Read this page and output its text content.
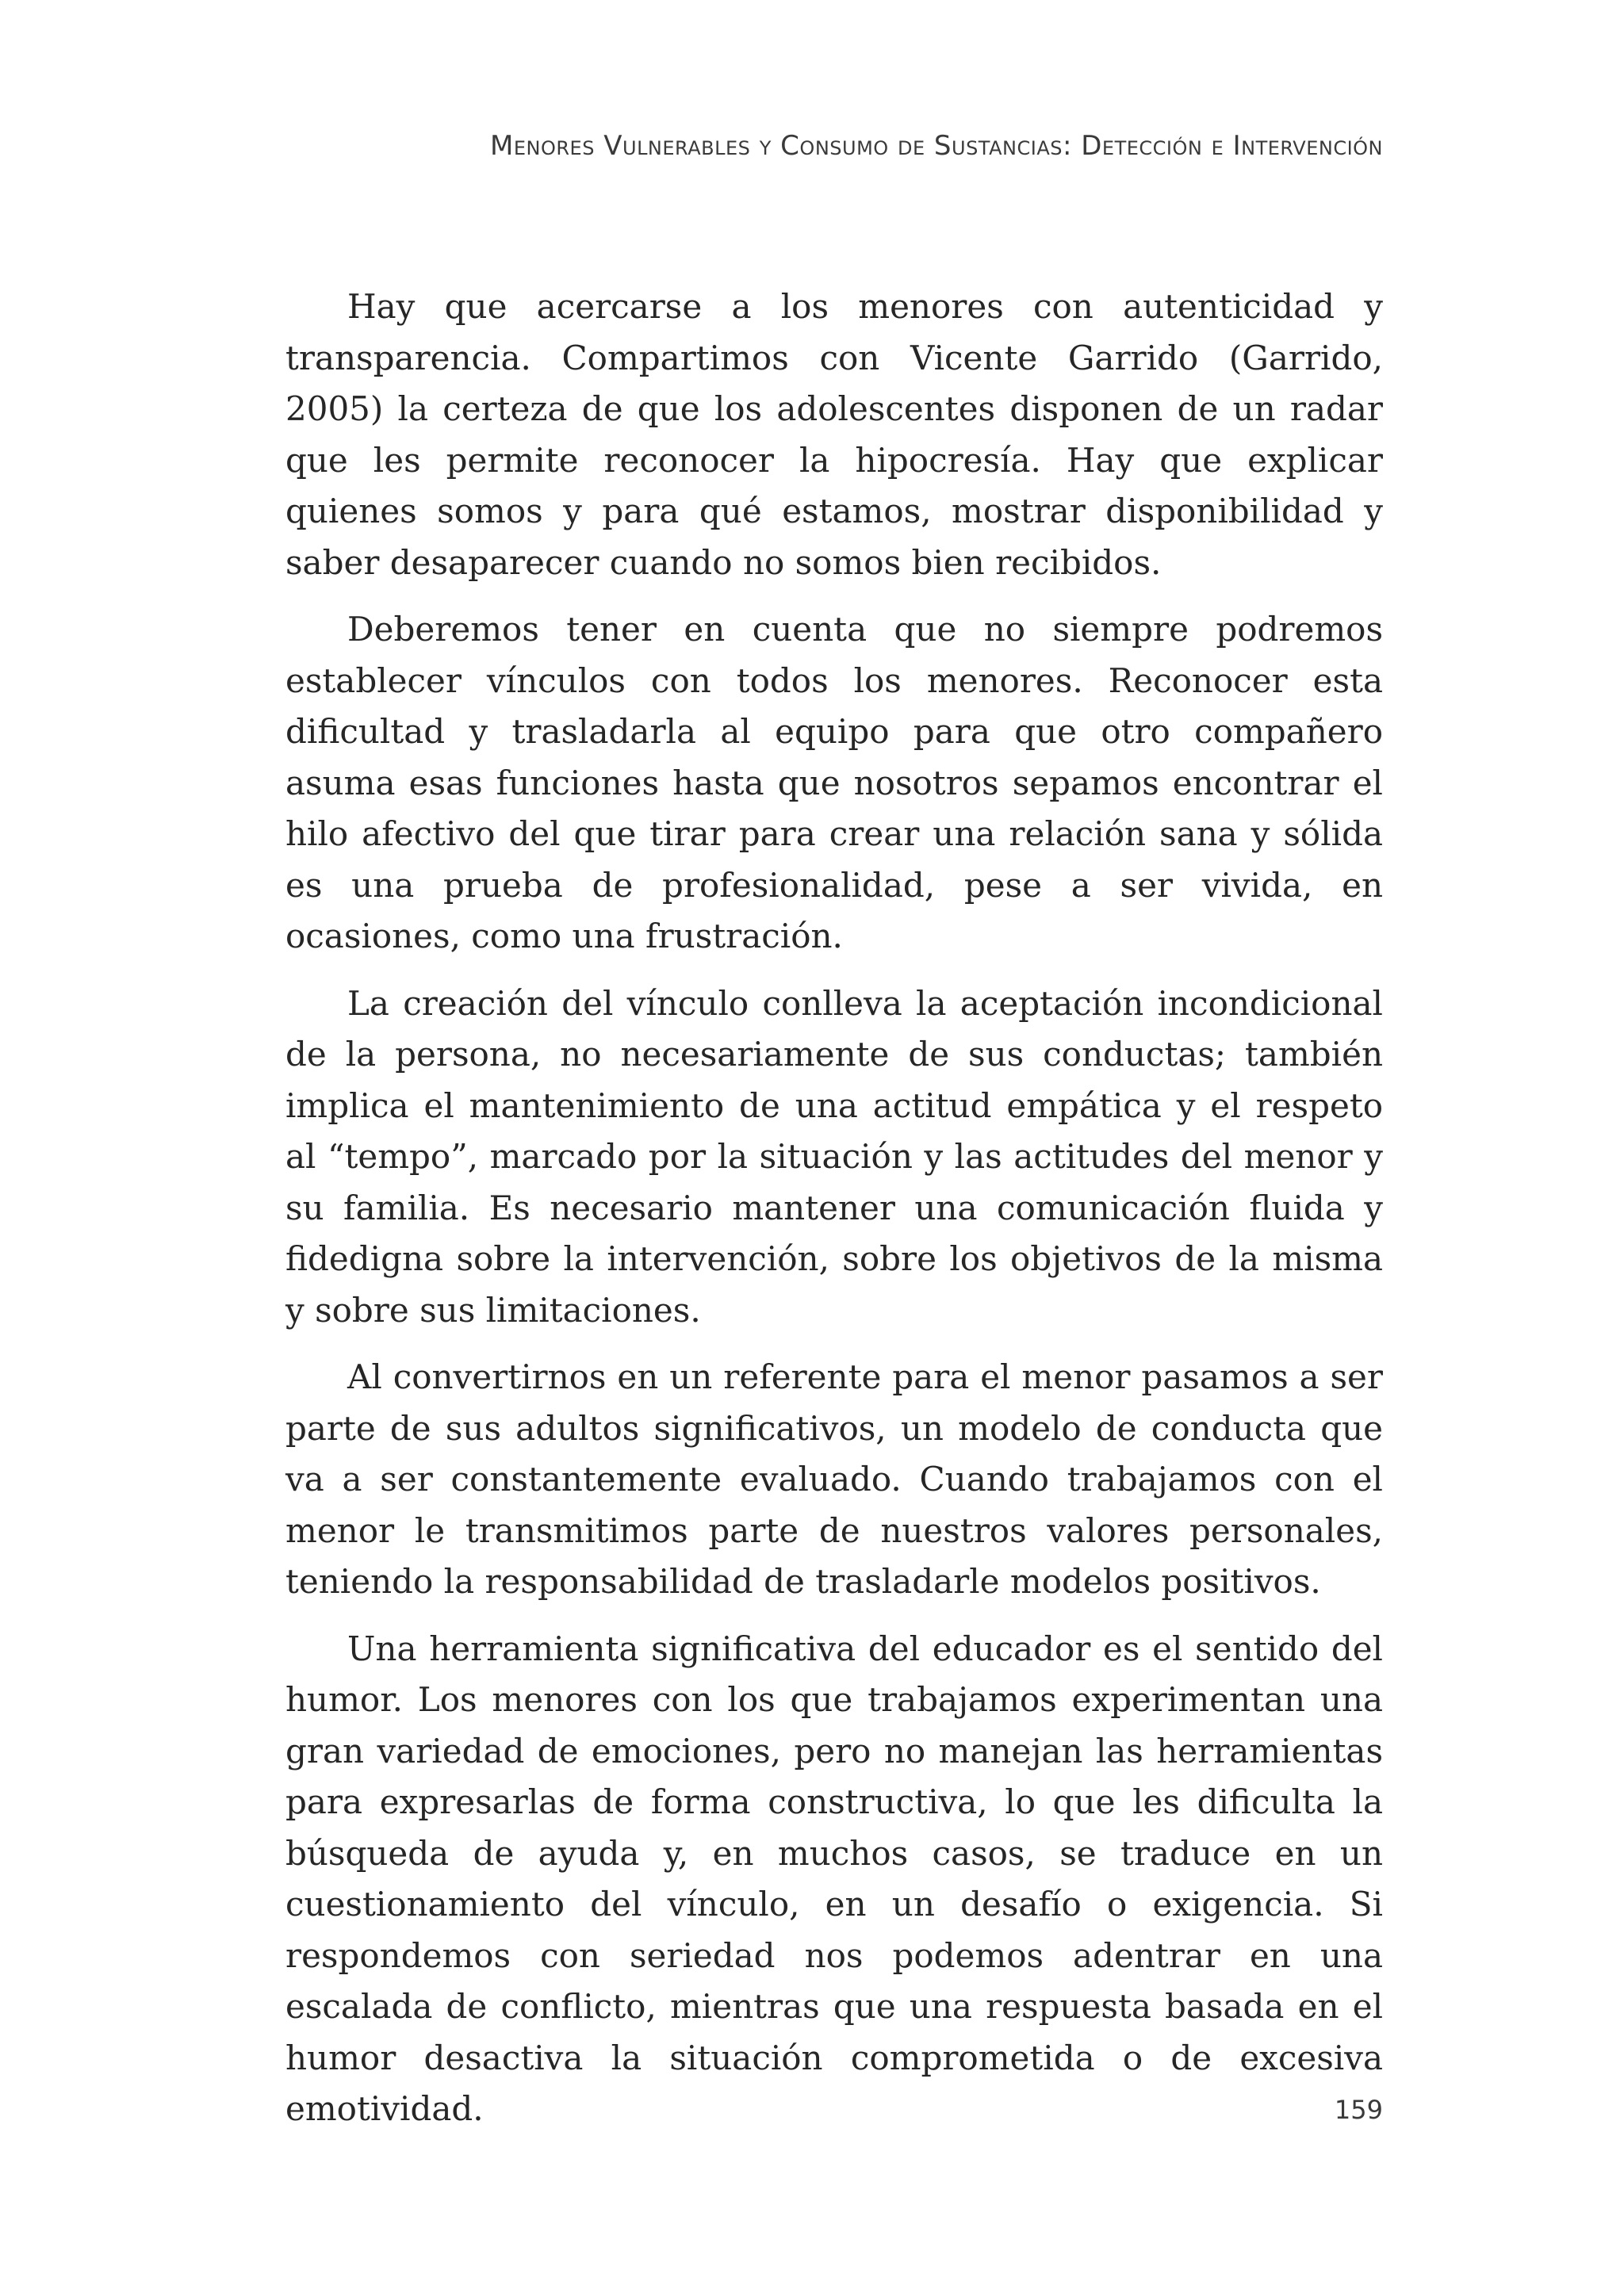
Menores Vulnerables y Consumo de Sustancias: Detección e Intervención

Hay que acercarse a los menores con autenticidad y transparencia. Compartimos con Vicente Garrido (Garrido, 2005) la certeza de que los adolescentes disponen de un radar que les permite reconocer la hipocresía. Hay que explicar quienes somos y para qué estamos, mostrar disponibilidad y saber desaparecer cuando no somos bien recibidos.

Deberemos tener en cuenta que no siempre podremos establecer vínculos con todos los menores. Reconocer esta dificultad y trasladarla al equipo para que otro compañero asuma esas funciones hasta que nosotros sepamos encontrar el hilo afectivo del que tirar para crear una relación sana y sólida es una prueba de profesionalidad, pese a ser vivida, en ocasiones, como una frustración.

La creación del vínculo conlleva la aceptación incondicional de la persona, no necesariamente de sus conductas; también implica el mantenimiento de una actitud empática y el respeto al “tempo”, marcado por la situación y las actitudes del menor y su familia. Es necesario mantener una comunicación fluida y fidedigna sobre la intervención, sobre los objetivos de la misma y sobre sus limitaciones.

Al convertirnos en un referente para el menor pasamos a ser parte de sus adultos significativos, un modelo de conducta que va a ser constantemente evaluado. Cuando trabajamos con el menor le transmitimos parte de nuestros valores personales, teniendo la responsabilidad de trasladarle modelos positivos.

Una herramienta significativa del educador es el sentido del humor. Los menores con los que trabajamos experimentan una gran variedad de emociones, pero no manejan las herramientas para expresarlas de forma constructiva, lo que les dificulta la búsqueda de ayuda y, en muchos casos, se traduce en un cuestionamiento del vínculo, en un desafío o exigencia. Si respondemos con seriedad nos podemos adentrar en una escalada de conflicto, mientras que una respuesta basada en el humor desactiva la situación comprometida o de excesiva emotividad.	159
